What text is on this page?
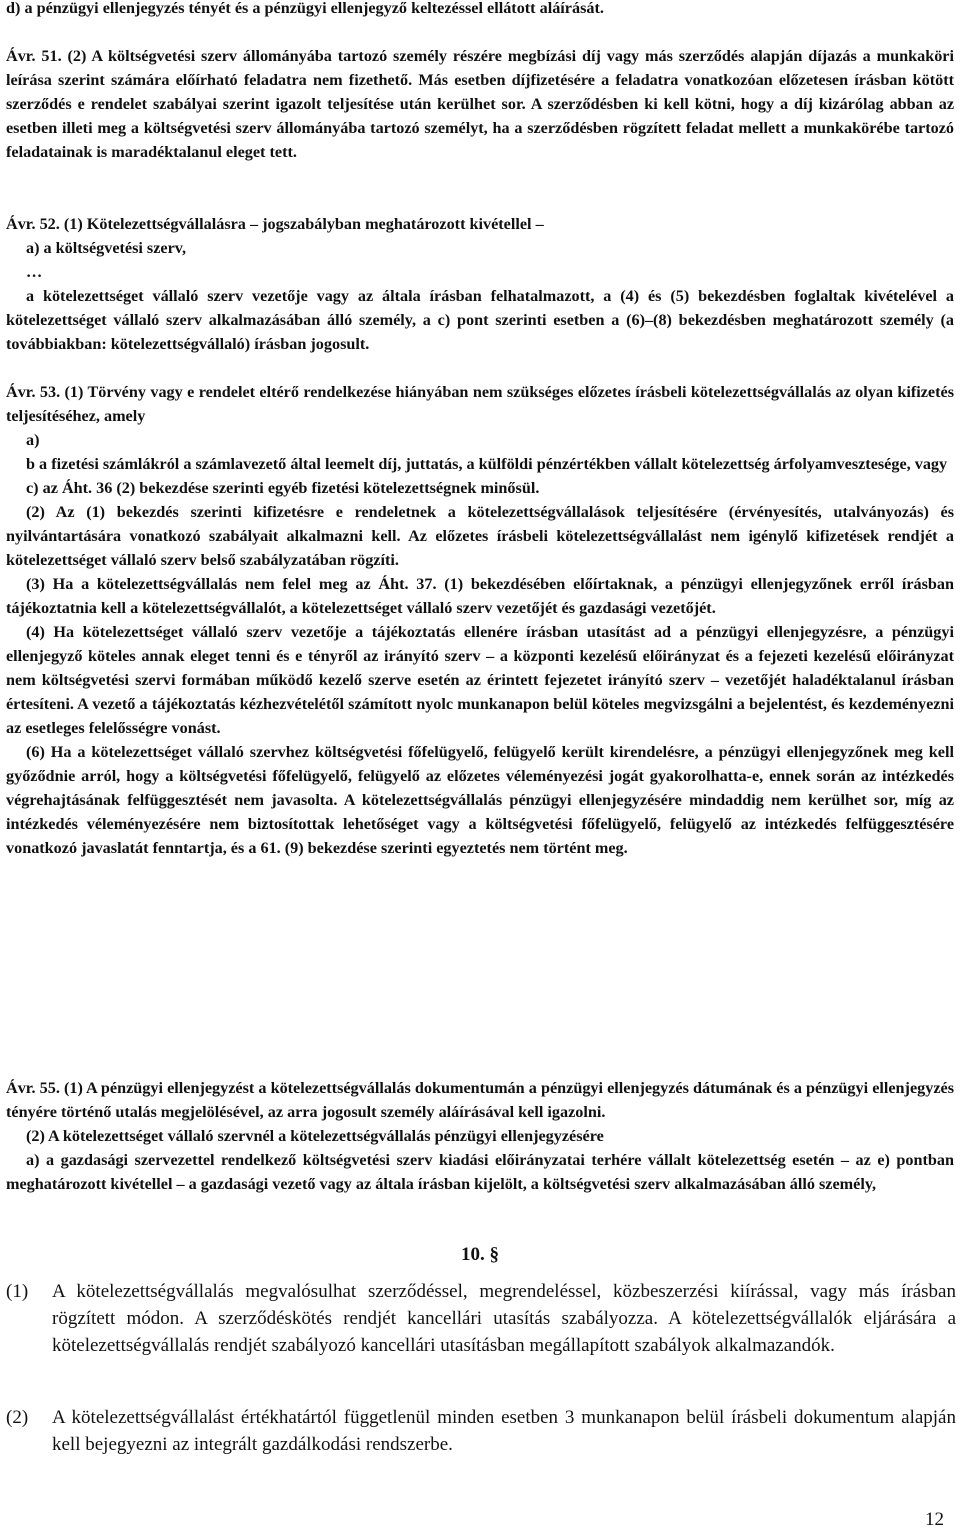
d) a pénzügyi ellenjegyzés tényét és a pénzügyi ellenjegyző keltezéssel ellátott aláírását.

Ávr. 51. (2) A költségvetési szerv állományába tartozó személy részére megbízási díj vagy más szerződés alapján díjazás a munkaköri leírása szerint számára előírható feladatra nem fizethető. Más esetben díjfizetésére a feladatra vonatkozóan előzetesen írásban kötött szerződés e rendelet szabályai szerint igazolt teljesítése után kerülhet sor. A szerződésben ki kell kötni, hogy a díj kizárólag abban az esetben illeti meg a költségvetési szerv állományába tartozó személyt, ha a szerződésben rögzített feladat mellett a munkakörébe tartozó feladatainak is maradéktalanul eleget tett.

Ávr. 52. (1) Kötelezettségvállalásra – jogszabályban meghatározott kivétellel –

a) a költségvetési szerv,

…

a kötelezettséget vállaló szerv vezetője vagy az általa írásban felhatalmazott, a (4) és (5) bekezdésben foglaltak kivételével a kötelezettséget vállaló szerv alkalmazásában álló személy, a c) pont szerinti esetben a (6)–(8) bekezdésben meghatározott személy (a továbbiakban: kötelezettségvállaló) írásban jogosult.

Ávr. 53. (1) Törvény vagy e rendelet eltérő rendelkezése hiányában nem szükséges előzetes írásbeli kötelezettségvállalás az olyan kifizetés teljesítéséhez, amely

a)

b a fizetési számlákról a számlavezető által leemelt díj, juttatás, a külföldi pénzértékben vállalt kötelezettség árfolyamvesztesége, vagy

c) az Áht. 36 (2) bekezdése szerinti egyéb fizetési kötelezettségnek minősül.

(2) Az (1) bekezdés szerinti kifizetésre e rendeletnek a kötelezettségvállalások teljesítésére (érvényesítés, utalványozás) és nyilvántartására vonatkozó szabályait alkalmazni kell. Az előzetes írásbeli kötelezettségvállalást nem igénylő kifizetések rendjét a kötelezettséget vállaló szerv belső szabályzatában rögzíti.

(3) Ha a kötelezettségvállalás nem felel meg az Áht. 37. (1) bekezdésében előírtaknak, a pénzügyi ellenjegyzőnek erről írásban tájékoztatnia kell a kötelezettségvállalót, a kötelezettséget vállaló szerv vezetőjét és gazdasági vezetőjét.

(4) Ha kötelezettséget vállaló szerv vezetője a tájékoztatás ellenére írásban utasítást ad a pénzügyi ellenjegyzésre, a pénzügyi ellenjegyző köteles annak eleget tenni és e tényről az irányító szerv – a központi kezelésű előirányzat és a fejezeti kezelésű előirányzat nem költségvetési szervi formában működő kezelő szerve esetén az érintett fejezetet irányító szerv – vezetőjét haladéktalanul írásban értesíteni. A vezető a tájékoztatás kézhezvételétől számított nyolc munkanapon belül köteles megvizsgálni a bejelentést, és kezdeményezni az esetleges felelősségre vonást.

(6) Ha a kötelezettséget vállaló szervhez költségvetési főfelügyelő, felügyelő került kirendelésre, a pénzügyi ellenjegyzőnek meg kell győződnie arról, hogy a költségvetési főfelügyelő, felügyelő az előzetes véleményezési jogát gyakorolhatta-e, ennek során az intézkedés végrehajtásának felfüggesztését nem javasolta. A kötelezettségvállalás pénzügyi ellenjegyzésére mindaddig nem kerülhet sor, míg az intézkedés véleményezésére nem biztosítottak lehetőséget vagy a költségvetési főfelügyelő, felügyelő az intézkedés felfüggesztésére vonatkozó javaslatát fenntartja, és a 61. (9) bekezdése szerinti egyeztetés nem történt meg.

Ávr. 55. (1) A pénzügyi ellenjegyzést a kötelezettségvállalás dokumentumán a pénzügyi ellenjegyzés dátumának és a pénzügyi ellenjegyzés tényére történő utalás megjelölésével, az arra jogosult személy aláírásával kell igazolni.

(2) A kötelezettséget vállaló szervnél a kötelezettségvállalás pénzügyi ellenjegyzésére

a) a gazdasági szervezettel rendelkező költségvetési szerv kiadási előirányzatai terhére vállalt kötelezettség esetén – az e) pontban meghatározott kivétellel – a gazdasági vezető vagy az általa írásban kijelölt, a költségvetési szerv alkalmazásában álló személy,

10. §
(1) A kötelezettségvállalás megvalósulhat szerződéssel, megrendeléssel, közbeszerzési kiírással, vagy más írásban rögzített módon. A szerződéskötés rendjét kancellári utasítás szabályozza. A kötelezettségvállalók eljárására a kötelezettségvállalás rendjét szabályozó kancellári utasításban megállapított szabályok alkalmazandók.
(2) A kötelezettségvállalást értékhatártól függetlenül minden esetben 3 munkanapon belül írásbeli dokumentum alapján kell bejegyezni az integrált gazdálkodási rendszerbe.
12
